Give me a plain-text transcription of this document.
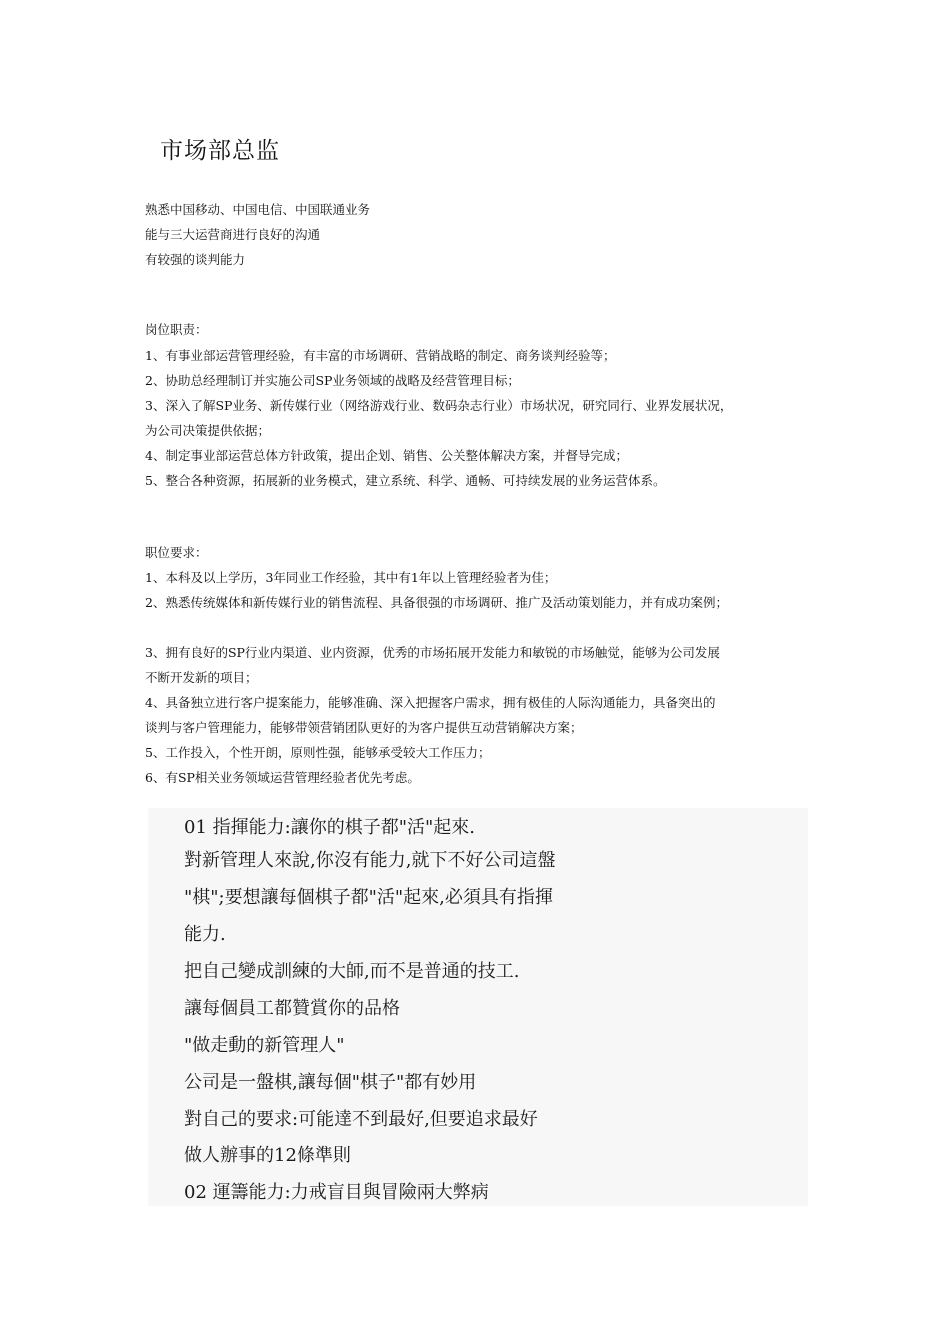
市场部总监

熟悉中国移动、中国电信、中国联通业务

能与三大运营商进行良好的沟通

有较强的谈判能力

岗位职责：

1、有事业部运营管理经验，有丰富的市场调研、营销战略的制定、商务谈判经验等；

2、协助总经理制订并实施公司SP业务领域的战略及经营管理目标；

3、深入了解SP业务、新传媒行业（网络游戏行业、数码杂志行业）市场状况，研究同行、业界发展状况，

为公司决策提供依据；

4、制定事业部运营总体方针政策，提出企划、销售、公关整体解决方案，并督导完成；

5、整合各种资源，拓展新的业务模式，建立系统、科学、通畅、可持续发展的业务运营体系。

职位要求：

1、本科及以上学历，3年同业工作经验，其中有1年以上管理经验者为佳；

2、熟悉传统媒体和新传媒行业的销售流程、具备很强的市场调研、推广及活动策划能力，并有成功案例；

3、拥有良好的SP行业内渠道、业内资源，优秀的市场拓展开发能力和敏锐的市场触觉，能够为公司发展

不断开发新的项目；

4、具备独立进行客户提案能力，能够准确、深入把握客户需求，拥有极佳的人际沟通能力，具备突出的

谈判与客户管理能力，能够带领营销团队更好的为客户提供互动营销解决方案；

5、工作投入，个性开朗，原则性强，能够承受较大工作压力；

6、有SP相关业务领域运营管理经验者优先考虑。

01 指揮能力:讓你的棋子都"活"起來.

對新管理人來說,你沒有能力,就下不好公司這盤

"棋";要想讓每個棋子都"活"起來,必須具有指揮

能力.

把自己變成訓練的大師,而不是普通的技工.

讓每個員工都贊賞你的品格

"做走動的新管理人"

公司是一盤棋,讓每個"棋子"都有妙用

對自己的要求:可能達不到最好,但要追求最好

做人辦事的12條準則

02 運籌能力:力戒盲目與冒險兩大弊病
